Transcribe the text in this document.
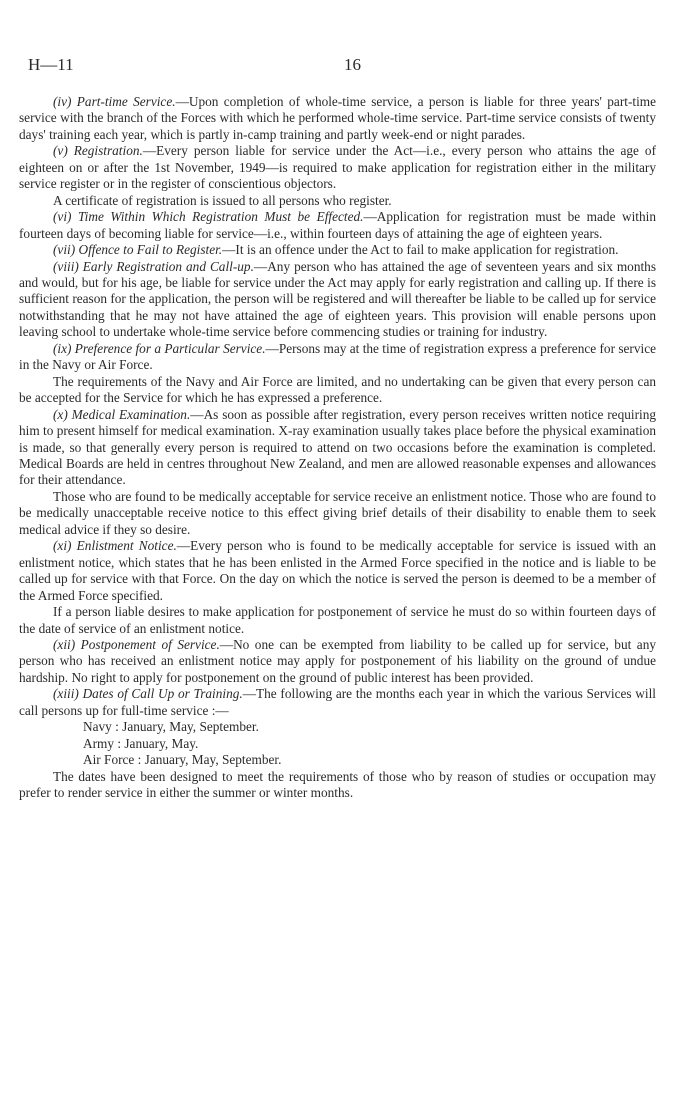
H—11	16

(iv) Part-time Service.—Upon completion of whole-time service, a person is liable for three years' part-time service with the branch of the Forces with which he performed whole-time service. Part-time service consists of twenty days' training each year, which is partly in-camp training and partly week-end or night parades.

(v) Registration.—Every person liable for service under the Act—i.e., every person who attains the age of eighteen on or after the 1st November, 1949—is required to make application for registration either in the military service register or in the register of conscientious objectors.

A certificate of registration is issued to all persons who register.

(vi) Time Within Which Registration Must be Effected.—Application for registration must be made within fourteen days of becoming liable for service—i.e., within fourteen days of attaining the age of eighteen years.

(vii) Offence to Fail to Register.—It is an offence under the Act to fail to make application for registration.

(viii) Early Registration and Call-up.—Any person who has attained the age of seventeen years and six months and would, but for his age, be liable for service under the Act may apply for early registration and calling up. If there is sufficient reason for the application, the person will be registered and will thereafter be liable to be called up for service notwithstanding that he may not have attained the age of eighteen years. This provision will enable persons upon leaving school to undertake whole-time service before commencing studies or training for industry.

(ix) Preference for a Particular Service.—Persons may at the time of registration express a preference for service in the Navy or Air Force.

The requirements of the Navy and Air Force are limited, and no undertaking can be given that every person can be accepted for the Service for which he has expressed a preference.

(x) Medical Examination.—As soon as possible after registration, every person receives written notice requiring him to present himself for medical examination. X-ray examination usually takes place before the physical examination is made, so that generally every person is required to attend on two occasions before the examination is completed. Medical Boards are held in centres throughout New Zealand, and men are allowed reasonable expenses and allowances for their attendance.

Those who are found to be medically acceptable for service receive an enlistment notice. Those who are found to be medically unacceptable receive notice to this effect giving brief details of their disability to enable them to seek medical advice if they so desire.

(xi) Enlistment Notice.—Every person who is found to be medically acceptable for service is issued with an enlistment notice, which states that he has been enlisted in the Armed Force specified in the notice and is liable to be called up for service with that Force. On the day on which the notice is served the person is deemed to be a member of the Armed Force specified.

If a person liable desires to make application for postponement of service he must do so within fourteen days of the date of service of an enlistment notice.

(xii) Postponement of Service.—No one can be exempted from liability to be called up for service, but any person who has received an enlistment notice may apply for postponement of his liability on the ground of undue hardship. No right to apply for postponement on the ground of public interest has been provided.

(xiii) Dates of Call Up or Training.—The following are the months each year in which the various Services will call persons up for full-time service :—

Navy : January, May, September.

Army : January, May.

Air Force : January, May, September.

The dates have been designed to meet the requirements of those who by reason of studies or occupation may prefer to render service in either the summer or winter months.
